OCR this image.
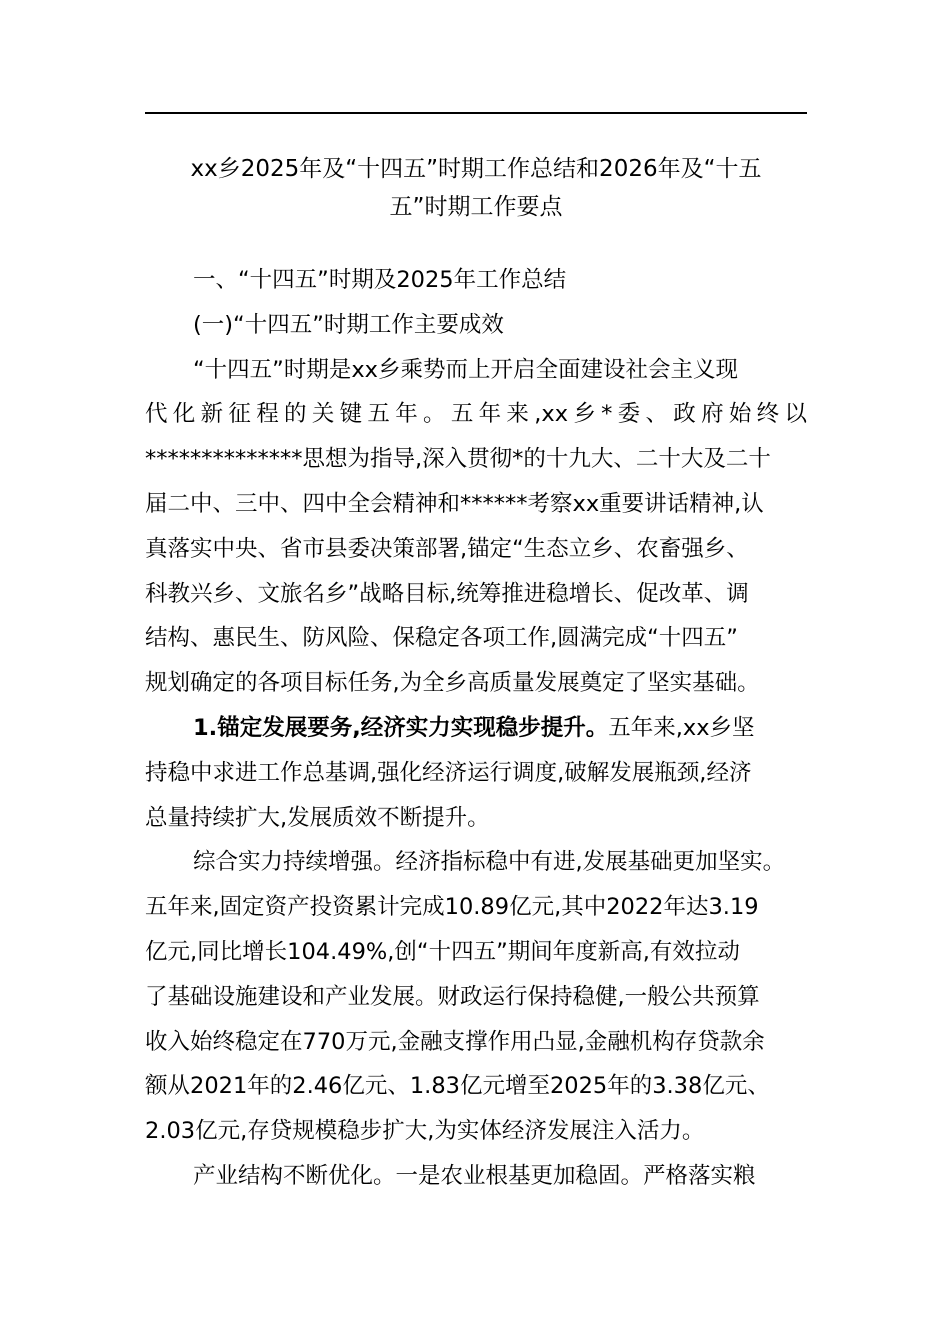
xx乡2025年及“十四五”时期工作总结和2026年及“十五
五”时期工作要点
一、“十四五”时期及2025年工作总结
(一)“十四五”时期工作主要成效
“十四五”时期是xx乡乘势而上开启全面建设社会主义现
代化新征程的关键五年。五年来,xx乡*委、政府始终以
**************思想为指导,深入贯彻*的十九大、二十大及二十
届二中、三中、四中全会精神和******考察xx重要讲话精神,认
真落实中央、省市县委决策部署,锚定“生态立乡、农畜强乡、
科教兴乡、文旅名乡”战略目标,统筹推进稳增长、促改革、调
结构、惠民生、防风险、保稳定各项工作,圆满完成“十四五”
规划确定的各项目标任务,为全乡高质量发展奠定了坚实基础。
1.锚定发展要务,经济实力实现稳步提升。五年来,xx乡坚
持稳中求进工作总基调,强化经济运行调度,破解发展瓶颈,经济
总量持续扩大,发展质效不断提升。
综合实力持续增强。经济指标稳中有进,发展基础更加坚实。
五年来,固定资产投资累计完成10.89亿元,其中2022年达3.19
亿元,同比增长104.49%,创“十四五”期间年度新高,有效拉动
了基础设施建设和产业发展。财政运行保持稳健,一般公共预算
收入始终稳定在770万元,金融支撑作用凸显,金融机构存贷款余
额从2021年的2.46亿元、1.83亿元增至2025年的3.38亿元、
2.03亿元,存贷规模稳步扩大,为实体经济发展注入活力。
产业结构不断优化。一是农业根基更加稳固。严格落实粮
